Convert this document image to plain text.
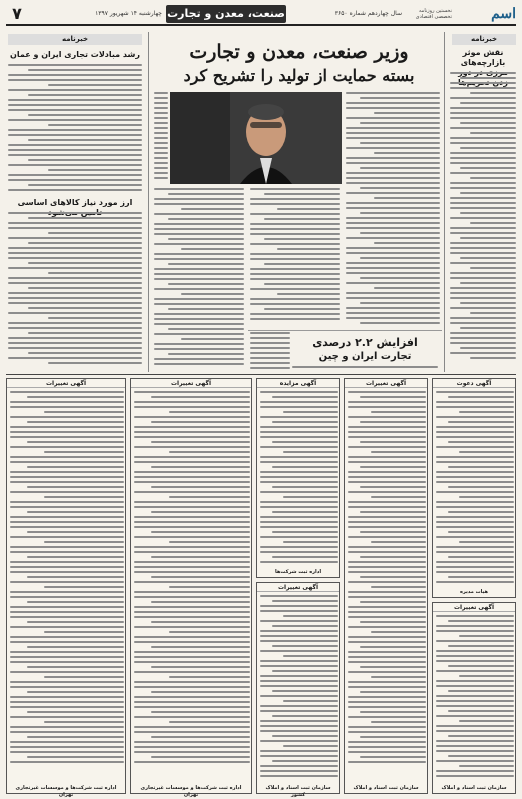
۷	چهارشنبه ۱۴ شهریور ۱۳۹۷ صنعت، معدن و تجارت	سال چهاردهم شماره ۳۶۵۰	نخستین روزنامه تخصصی اقتصادی	اسم
خبرنامه
نقش موثر بازارچه‌های
خبرنامه
رشد مبادلات تجاری ایران و عمان
ارز مورد نیاز کالاهای اساسی
وزیر صنعت، معدن و تجارت
بسته حمایت از تولید را تشریح کرد
افزایش ۲.۲ درصدی
تجارت ایران و چین
آگهی دعوت
هیات مدیره
آگهی تغییرات
سازمان ثبت اسناد و املاک
آگهی تغییرات
سازمان ثبت اسناد و املاک
آگهی مزایده
اداره ثبت شرکت‌ها
آگهی تغییرات
سازمان ثبت اسناد و املاک کشور
آگهی تغییرات
اداره ثبت شرکت‌ها و موسسات غیرتجاری تهران
آگهی تغییرات
اداره ثبت شرکت‌ها و موسسات غیرتجاری تهران
